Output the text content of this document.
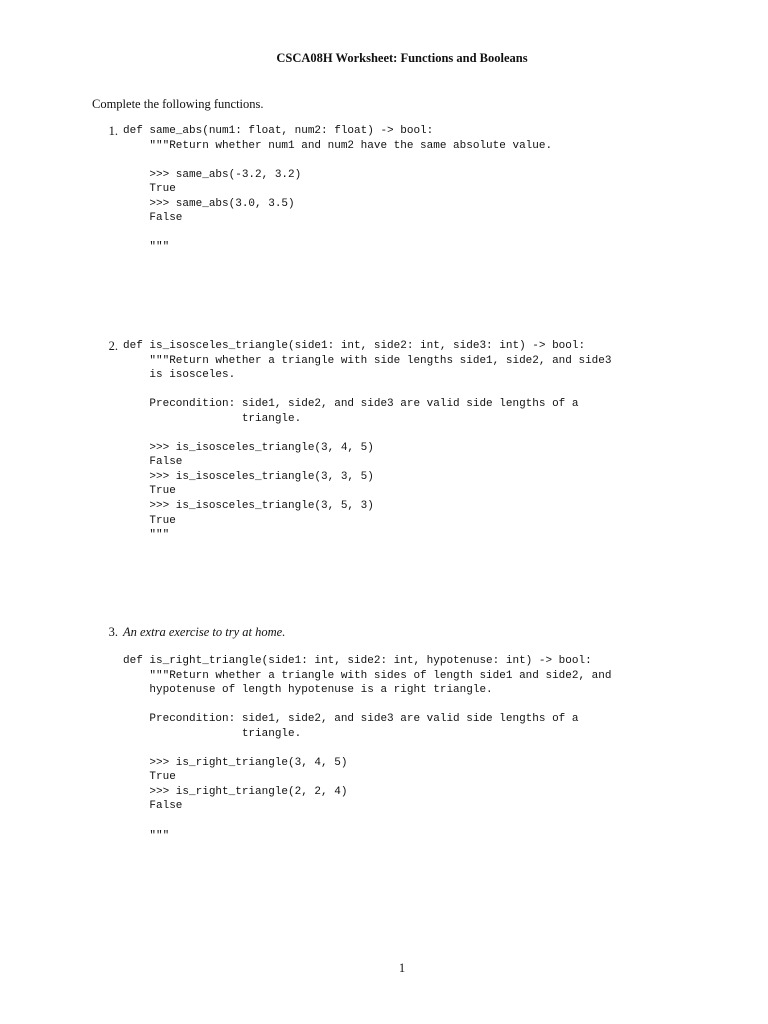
CSCA08H Worksheet: Functions and Booleans
Complete the following functions.
1. def same_abs(num1: float, num2: float) -> bool:
"""Return whether num1 and num2 have the same absolute value.

>>> same_abs(-3.2, 3.2)
True
>>> same_abs(3.0, 3.5)
False

"""
2. def is_isosceles_triangle(side1: int, side2: int, side3: int) -> bool:
"""Return whether a triangle with side lengths side1, side2, and side3
is isosceles.

Precondition: side1, side2, and side3 are valid side lengths of a
triangle.

>>> is_isosceles_triangle(3, 4, 5)
False
>>> is_isosceles_triangle(3, 3, 5)
True
>>> is_isosceles_triangle(3, 5, 3)
True
"""
3. An extra exercise to try at home.
def is_right_triangle(side1: int, side2: int, hypotenuse: int) -> bool:
"""Return whether a triangle with sides of length side1 and side2, and
hypotenuse of length hypotenuse is a right triangle.

Precondition: side1, side2, and side3 are valid side lengths of a
triangle.

>>> is_right_triangle(3, 4, 5)
True
>>> is_right_triangle(2, 2, 4)
False

"""
1
